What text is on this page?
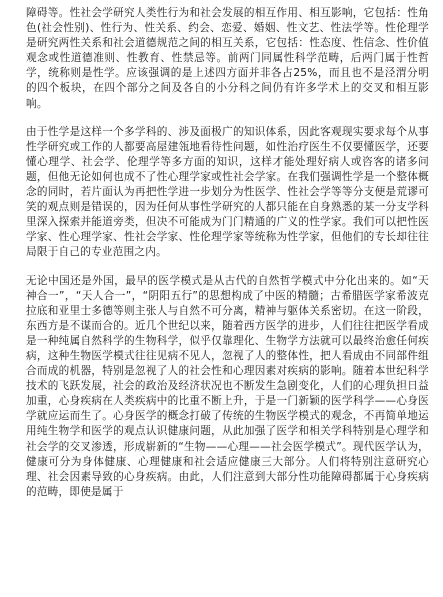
障碍等。性社会学研究人类性行为和社会发展的相互作用、相互影响，它包括：性角色(社会性别)、性行为、性关系、约会、恋爱、婚姻、性文艺、性法学等。性伦理学是研究两性关系和社会道德规范之间的相互关系，它包括：性态度、性信念、性价值观念或性道德准则、性教育、性禁忌等。前两门同属性科学范畴，后两门属于性哲学，统称则是性学。应该强调的是上述四方面并非各占25%，而且也不是泾渭分明的四个板块，在四个部分之间及各自的小分科之间仍有许多学术上的交叉和相互影响。

由于性学是这样一个多学科的、涉及面极广的知识体系，因此客观现实要求每个从事性学研究或工作的人都要高屋建瓴地看待性问题，如性治疗医生不仅要懂医学，还要懂心理学、社会学、伦理学等多方面的知识，这样才能处理好病人或咨客的诸多问题，但他无论如何也成不了性心理学家或性社会学家。在我们强调性学是一个整体概念的同时，若片面认为再把性学进一步划分为性医学、性社会学等等分支便是荒谬可笑的观点则是错误的，因为任何从事性学研究的人都只能在自身熟悉的某一分支学科里深入探索并能道旁类，但决不可能成为门门精通的广义的性学家。我们可以把性医学家、性心理学家、性社会学家、性伦理学家等统称为性学家，但他们的专长却往往局限于自己的专业范围之内。

无论中国还是外国，最早的医学模式是从古代的自然哲学模式中分化出来的。如“天神合一”，“天人合一”，“阴阳五行”的思想构成了中医的精髓；古希腊医学家希波克拉底和亚里士多德等则主张人与自然不可分离，精神与躯体关系密切。在这一阶段，东西方是不谋而合的。近几个世纪以来，随着西方医学的进步，人们往往把医学看成是一种纯属自然科学的生物科学，似乎仅靠理化、生物学方法就可以最终治愈任何疾病，这种生物医学模式往往见病不见人，忽视了人的整体性，把人看成由不同部件组合而成的机器，特别是忽视了人的社会性和心理因素对疾病的影响。随着本世纪科学技术的飞跃发展，社会的政治及经济状况也不断发生急剧变化，人们的心理负担日益加重，心身疾病在人类疾病中的比重不断上升，于是一门新颖的医学科学——心身医学就应运而生了。心身医学的概念打破了传统的生物医学模式的观念，不再简单地运用纯生物学和医学的观点认识健康问题，从此加强了医学和相关学科特别是心理学和社会学的交叉渗透，形成崭新的“生物——心理——社会医学模式”。现代医学认为，健康可分为身体健康、心理健康和社会适应健康三大部分。人们将特别注意研究心理、社会因素导致的心身疾病。由此，人们注意到大部分性功能障碍都属于心身疾病的范畴，即使是属于
